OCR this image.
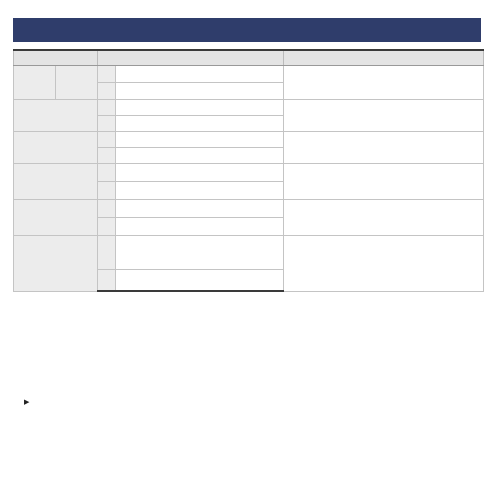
▶
